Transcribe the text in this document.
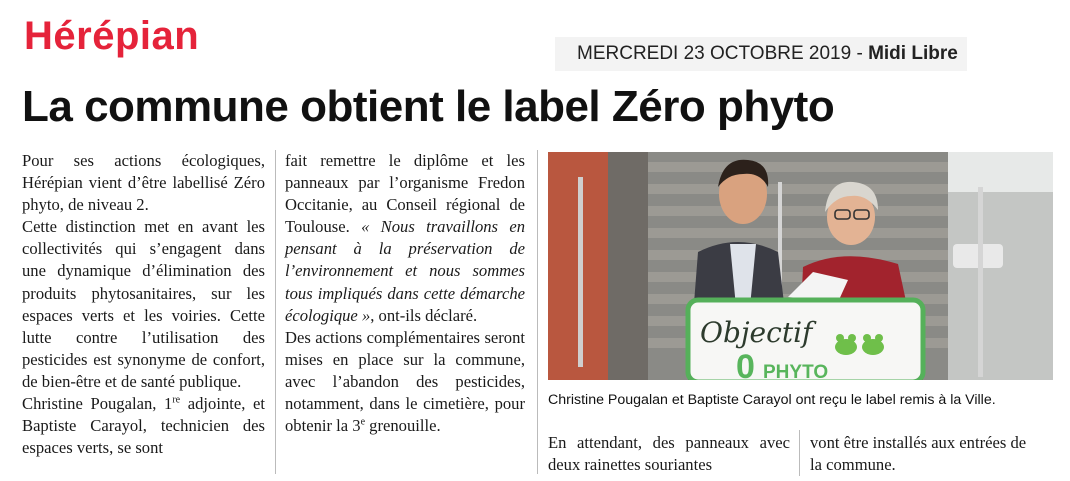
Hérépian	MERCREDI 23 OCTOBRE 2019 - Midi Libre
La commune obtient le label Zéro phyto

Pour ses actions écologiques, Hérépian vient d’être labellisé Zéro phyto, de niveau 2.

Cette distinction met en avant les collectivités qui s’engagent dans une dynamique d’élimination des produits phytosanitaires, sur les espaces verts et les voiries. Cette lutte contre l’utilisation des pesticides est synonyme de confort, de bien-être et de santé publique.

Christine Pougalan, 1re adjointe, et Baptiste Carayol, technicien des espaces verts, se sont

fait remettre le diplôme et les panneaux par l’organisme Fredon Occitanie, au Conseil régional de Toulouse. « Nous travaillons en pensant à la préservation de l’environnement et nous sommes tous impliqués dans cette démarche écologique », ont-ils déclaré.

Des actions complémentaires seront mises en place sur la commune, avec l’abandon des pesticides, notamment, dans le cimetière, pour obtenir la 3e grenouille.

Objectif
0 PHYTO
Christine Pougalan et Baptiste Carayol ont reçu le label remis à la Ville.

En attendant, des panneaux avec deux rainettes souriantes

vont être installés aux entrées de la commune.
